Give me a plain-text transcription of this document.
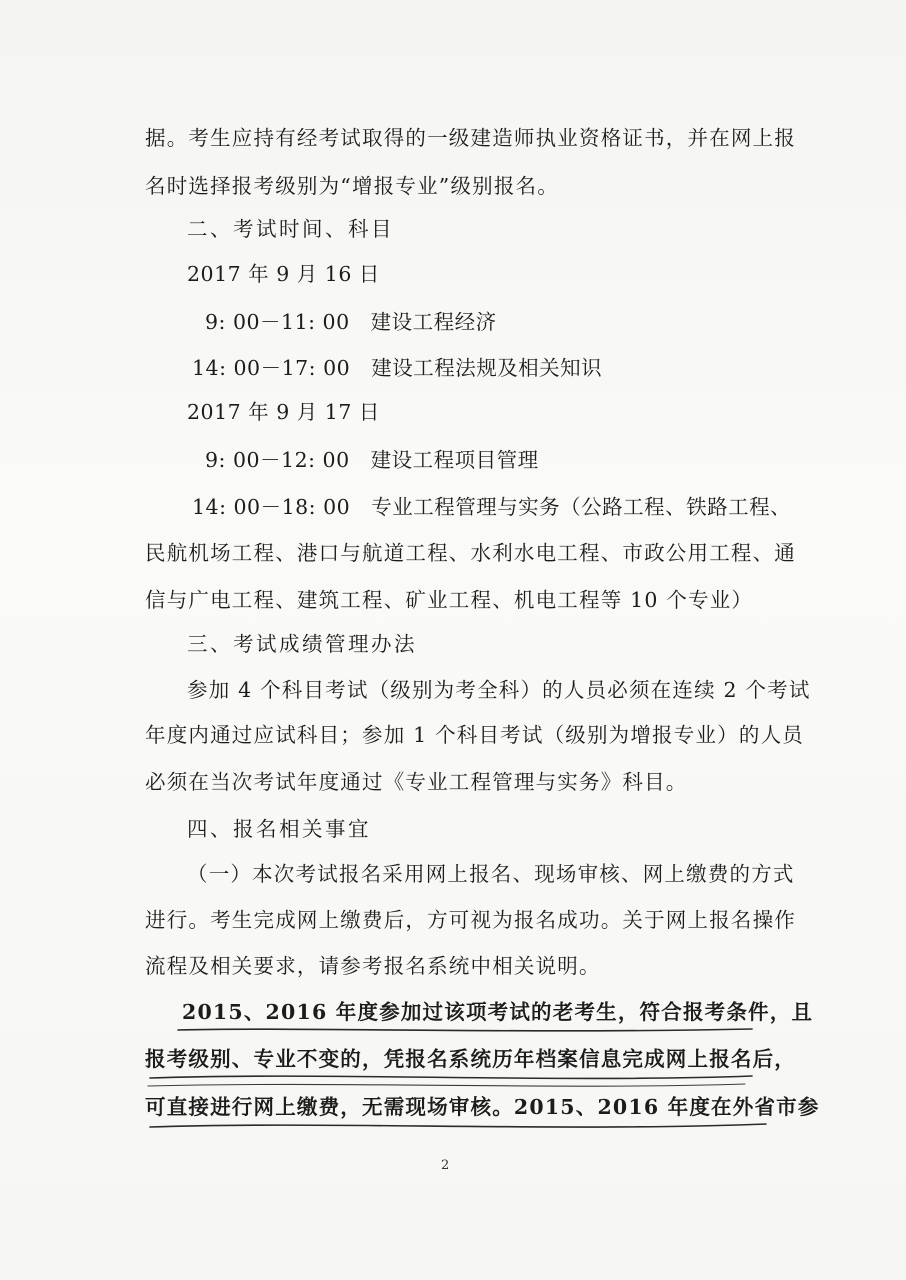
据。考生应持有经考试取得的一级建造师执业资格证书，并在网上报
名时选择报考级别为“增报专业”级别报名。
二、考试时间、科目
2017 年 9 月 16 日
9: 00－11: 00　建设工程经济
14: 00－17: 00　建设工程法规及相关知识
2017 年 9 月 17 日
9: 00－12: 00　建设工程项目管理
14: 00－18: 00　专业工程管理与实务（公路工程、铁路工程、
民航机场工程、港口与航道工程、水利水电工程、市政公用工程、通
信与广电工程、建筑工程、矿业工程、机电工程等 10 个专业）
三、考试成绩管理办法
参加 4 个科目考试（级别为考全科）的人员必须在连续 2 个考试
年度内通过应试科目；参加 1 个科目考试（级别为增报专业）的人员
必须在当次考试年度通过《专业工程管理与实务》科目。
四、报名相关事宜
（一）本次考试报名采用网上报名、现场审核、网上缴费的方式
进行。考生完成网上缴费后，方可视为报名成功。关于网上报名操作
流程及相关要求，请参考报名系统中相关说明。
2015、2016 年度参加过该项考试的老考生，符合报考条件，且
报考级别、专业不变的，凭报名系统历年档案信息完成网上报名后，
可直接进行网上缴费，无需现场审核。2015、2016 年度在外省市参
2
